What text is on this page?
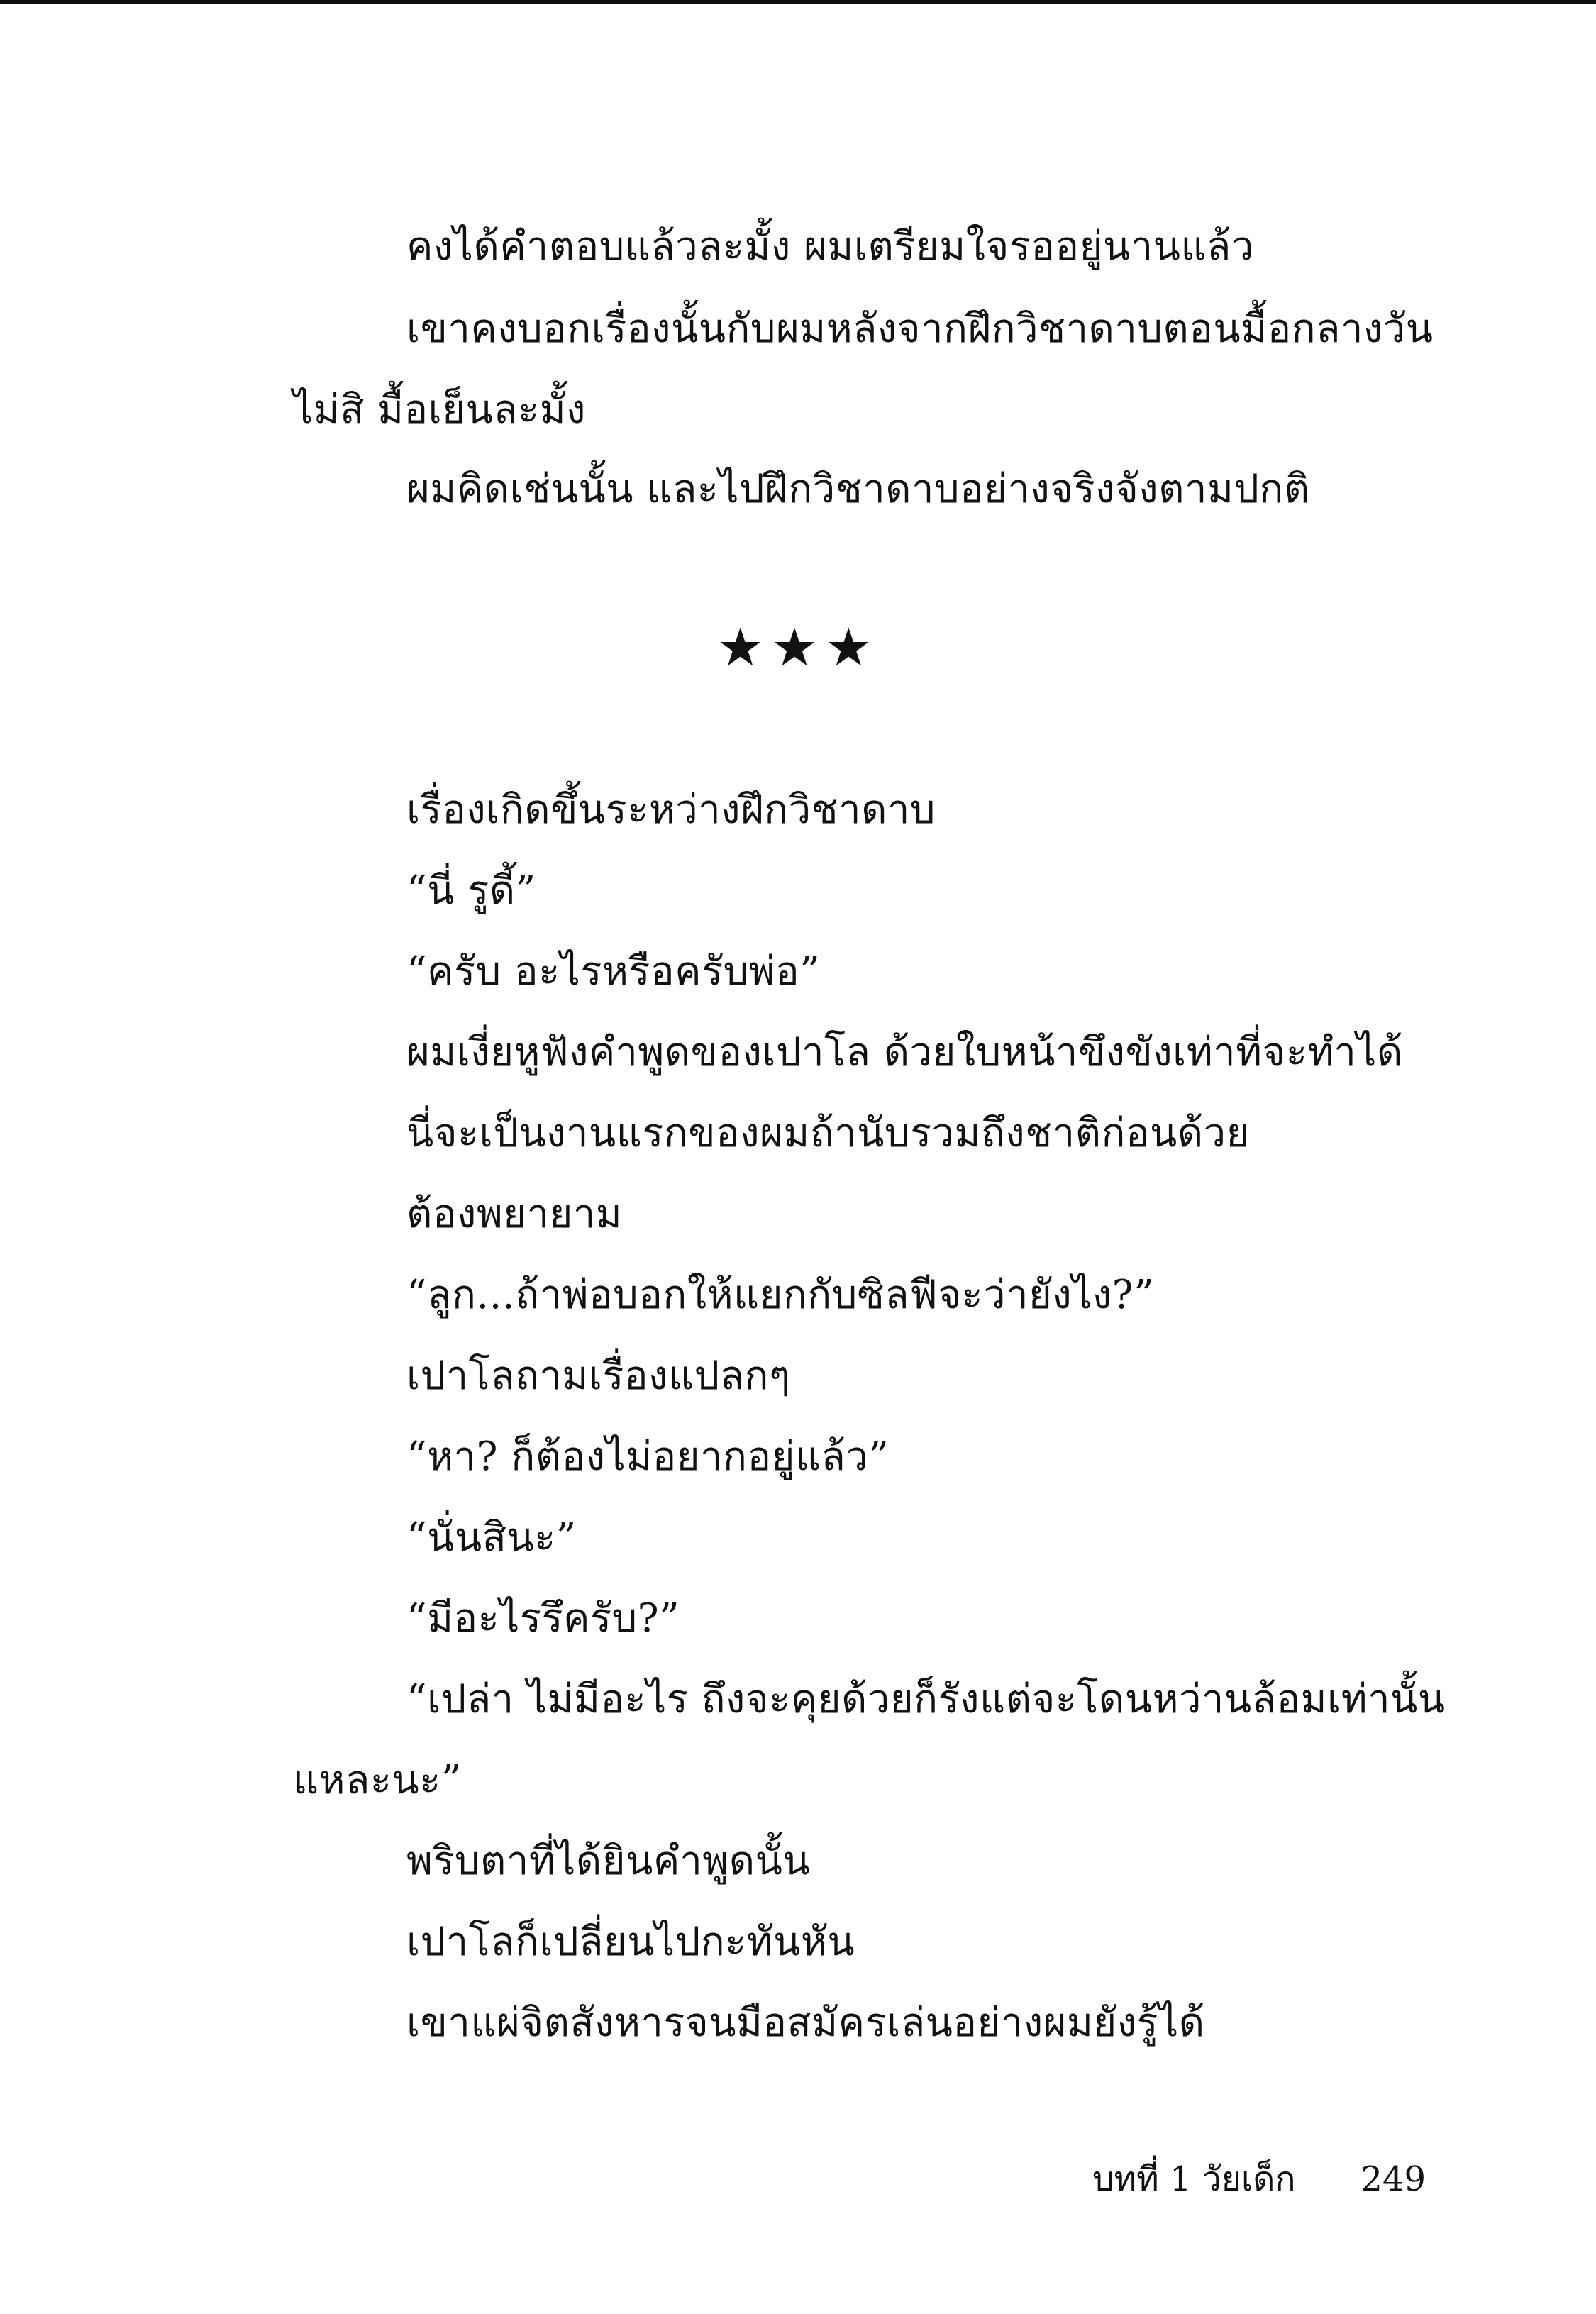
คงได้คำตอบแล้วละมั้ง ผมเตรียมใจรออยู่นานแล้ว
เขาคงบอกเรื่องนั้นกับผมหลังจากฝึกวิชาดาบตอนมื้อกลางวัน
ไม่สิ มื้อเย็นละมั้ง
ผมคิดเช่นนั้น และไปฝึกวิชาดาบอย่างจริงจังตามปกติ
★★★
เรื่องเกิดขึ้นระหว่างฝึกวิชาดาบ
“นี่ รูดี้”
“ครับ อะไรหรือครับพ่อ”
ผมเงี่ยหูฟังคำพูดของเปาโล ด้วยใบหน้าขึงขังเท่าที่จะทำได้
นี่จะเป็นงานแรกของผมถ้านับรวมถึงชาติก่อนด้วย
ต้องพยายาม
“ลูก...ถ้าพ่อบอกให้แยกกับซิลฟีจะว่ายังไง?”
เปาโลถามเรื่องแปลกๆ
“หา? ก็ต้องไม่อยากอยู่แล้ว”
“นั่นสินะ”
“มีอะไรรึครับ?”
“เปล่า ไม่มีอะไร ถึงจะคุยด้วยก็รังแต่จะโดนหว่านล้อมเท่านั้น
แหละนะ”
พริบตาที่ได้ยินคำพูดนั้น
เปาโลก็เปลี่ยนไปกะทันหัน
เขาแผ่จิตสังหารจนมือสมัครเล่นอย่างผมยังรู้ได้
บทที่ 1 วัยเด็ก	249
